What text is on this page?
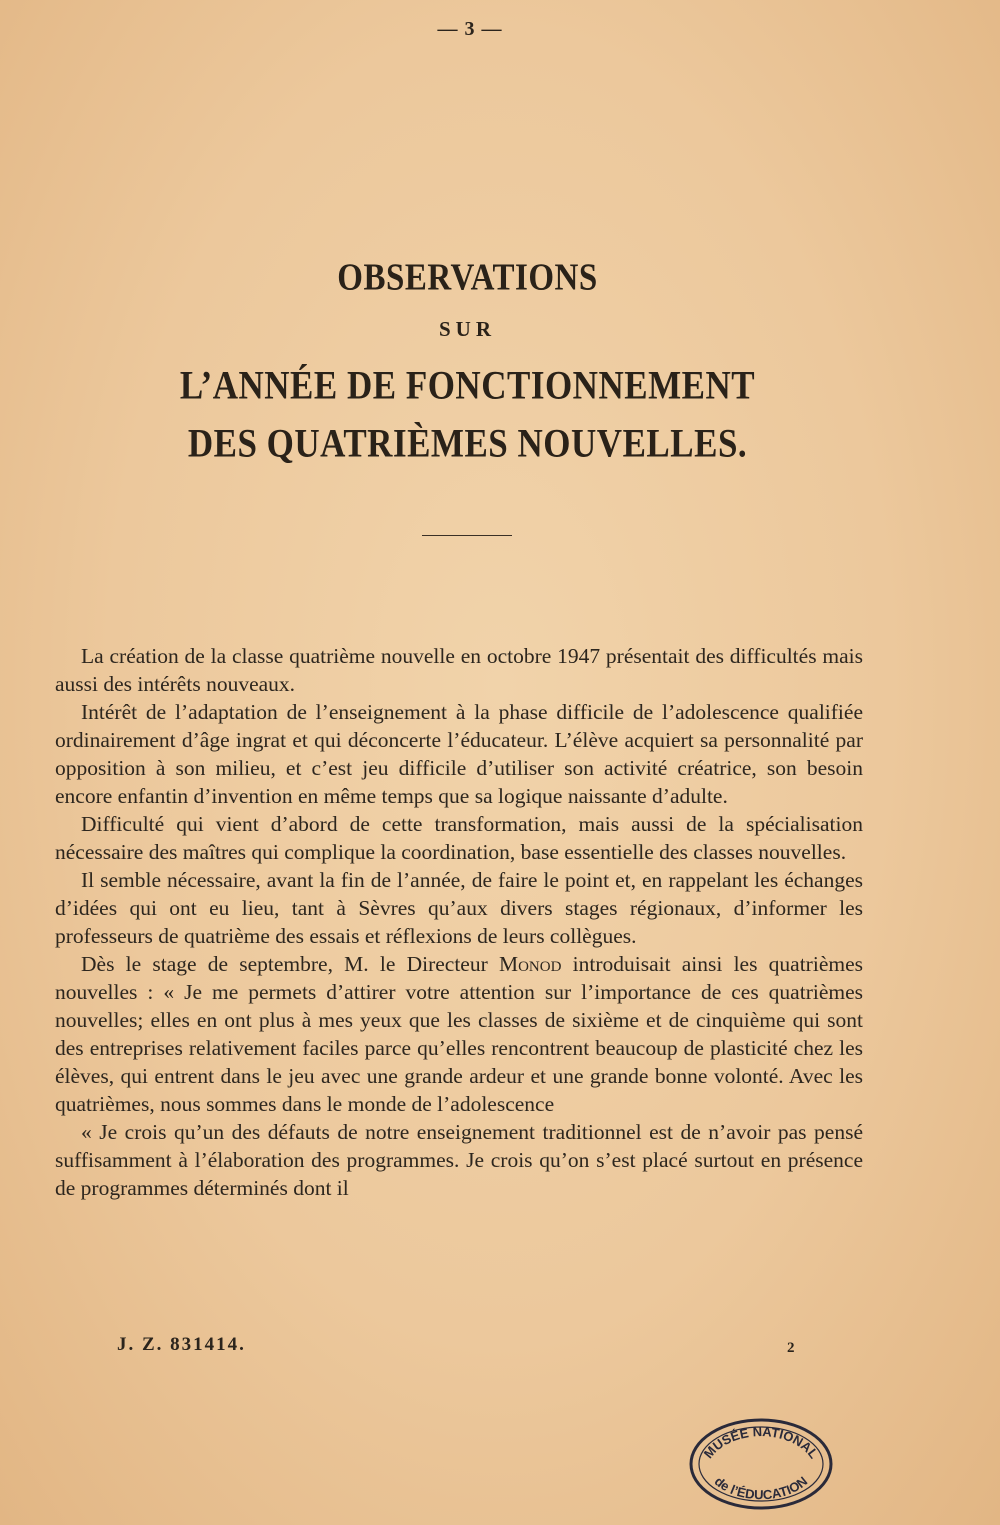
— 3 —
OBSERVATIONS
SUR
L’ANNÉE DE FONCTIONNEMENT
DES QUATRIÈMES NOUVELLES.

La création de la classe quatrième nouvelle en octobre 1947 présentait des difficultés mais aussi des intérêts nouveaux.

Intérêt de l’adaptation de l’enseignement à la phase difficile de l’adolescence qualifiée ordinairement d’âge ingrat et qui déconcerte l’éducateur. L’élève acquiert sa personnalité par opposition à son milieu, et c’est jeu difficile d’utiliser son activité créatrice, son besoin encore enfantin d’invention en même temps que sa logique naissante d’adulte.

Difficulté qui vient d’abord de cette transformation, mais aussi de la spécialisation nécessaire des maîtres qui complique la coordination, base essentielle des classes nouvelles.

Il semble nécessaire, avant la fin de l’année, de faire le point et, en rappelant les échanges d’idées qui ont eu lieu, tant à Sèvres qu’aux divers stages régionaux, d’informer les professeurs de quatrième des essais et réflexions de leurs collègues.

Dès le stage de septembre, M. le Directeur Monod introduisait ainsi les quatrièmes nouvelles : « Je me permets d’attirer votre attention sur l’importance de ces quatrièmes nouvelles; elles en ont plus à mes yeux que les classes de sixième et de cinquième qui sont des entreprises relativement faciles parce qu’elles rencontrent beaucoup de plasticité chez les élèves, qui entrent dans le jeu avec une grande ardeur et une grande bonne volonté. Avec les quatrièmes, nous sommes dans le monde de l’adolescence

« Je crois qu’un des défauts de notre enseignement traditionnel est de n’avoir pas pensé suffisamment à l’élaboration des programmes. Je crois qu’on s’est placé surtout en présence de programmes déterminés dont il

J. Z. 831414.	2
MUSÉE NATIONAL
de l’ÉDUCATION
